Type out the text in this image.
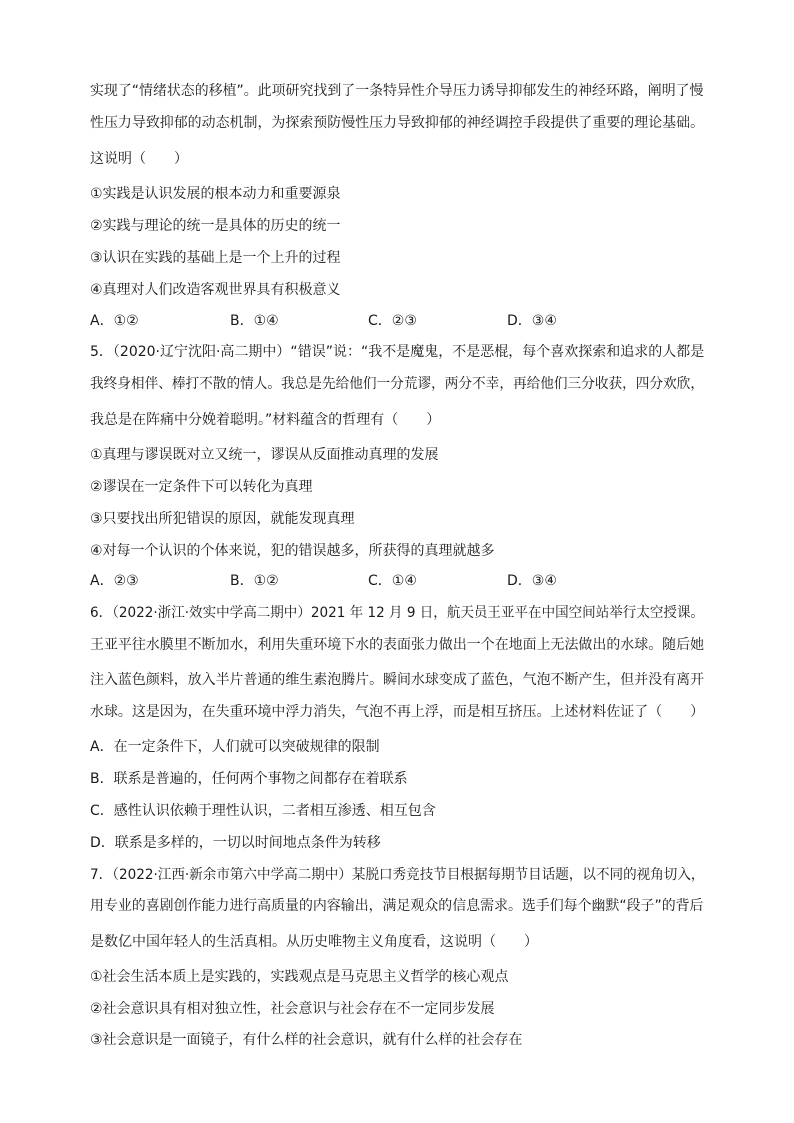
实现了“情绪状态的移植”。此项研究找到了一条特异性介导压力诱导抑郁发生的神经环路，阐明了慢
性压力导致抑郁的动态机制，为探索预防慢性压力导致抑郁的神经调控手段提供了重要的理论基础。
这说明（　　）
①实践是认识发展的根本动力和重要源泉
②实践与理论的统一是具体的历史的统一
③认识在实践的基础上是一个上升的过程
④真理对人们改造客观世界具有积极意义
A．①②	B．①④	C．②③	D．③④
5．（2020·辽宁沈阳·高二期中）“错误”说：“我不是魔鬼，不是恶棍，每个喜欢探索和追求的人都是
我终身相伴、棒打不散的情人。我总是先给他们一分荒谬，两分不幸，再给他们三分收获，四分欢欣，
我总是在阵痛中分娩着聪明。”材料蕴含的哲理有（　　）
①真理与谬误既对立又统一，谬误从反面推动真理的发展
②谬误在一定条件下可以转化为真理
③只要找出所犯错误的原因，就能发现真理
④对每一个认识的个体来说，犯的错误越多，所获得的真理就越多
A．②③	B．①②	C．①④	D．③④
6．（2022·浙江·效实中学高二期中）2021 年 12 月 9 日，航天员王亚平在中国空间站举行太空授课。
王亚平往水膜里不断加水，利用失重环境下水的表面张力做出一个在地面上无法做出的水球。随后她
注入蓝色颜料，放入半片普通的维生素泡腾片。瞬间水球变成了蓝色，气泡不断产生，但并没有离开
水球。这是因为，在失重环境中浮力消失，气泡不再上浮，而是相互挤压。上述材料佐证了（　　）
A．在一定条件下，人们就可以突破规律的限制
B．联系是普遍的，任何两个事物之间都存在着联系
C．感性认识依赖于理性认识，二者相互渗透、相互包含
D．联系是多样的，一切以时间地点条件为转移
7．（2022·江西·新余市第六中学高二期中）某脱口秀竞技节目根据每期节目话题，以不同的视角切入，
用专业的喜剧创作能力进行高质量的内容输出，满足观众的信息需求。选手们每个幽默“段子”的背后
是数亿中国年轻人的生活真相。从历史唯物主义角度看，这说明（　　）
①社会生活本质上是实践的，实践观点是马克思主义哲学的核心观点
②社会意识具有相对独立性，社会意识与社会存在不一定同步发展
③社会意识是一面镜子，有什么样的社会意识，就有什么样的社会存在
